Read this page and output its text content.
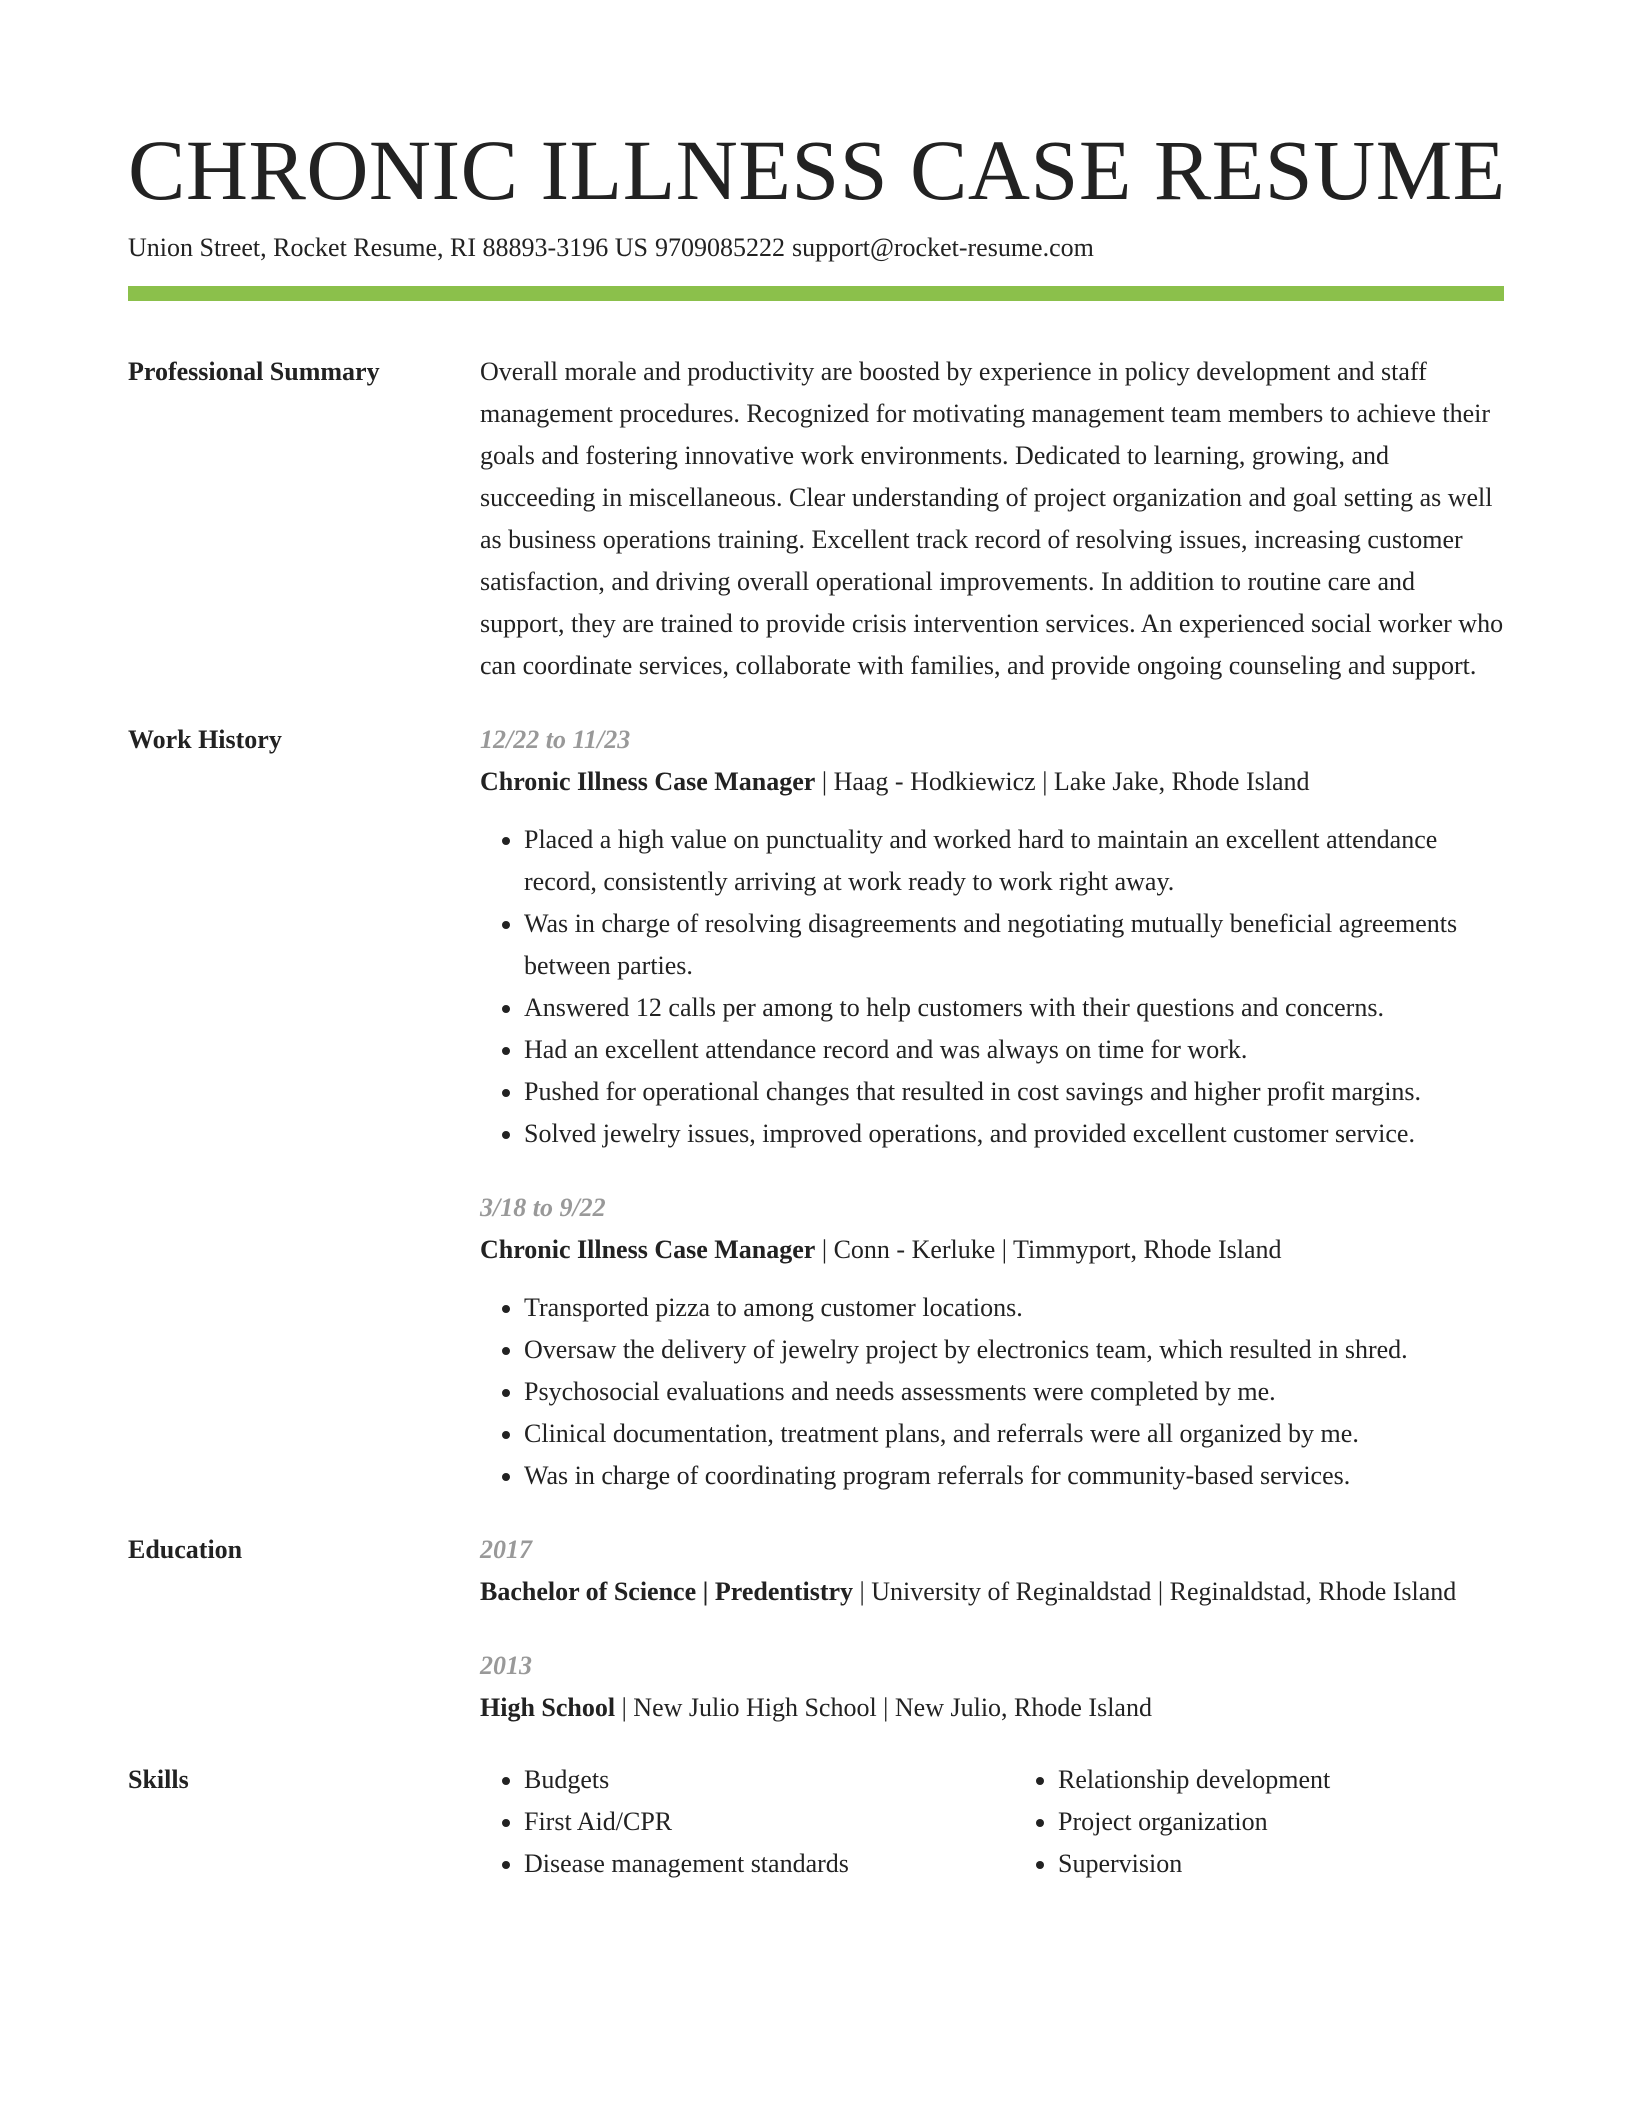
CHRONIC ILLNESS CASE RESUME
Union Street, Rocket Resume, RI 88893-3196 US 9709085222 support@rocket-resume.com
Professional Summary	Overall morale and productivity are boosted by experience in policy development and staff management procedures. Recognized for motivating management team members to achieve their goals and fostering innovative work environments. Dedicated to learning, growing, and succeeding in miscellaneous. Clear understanding of project organization and goal setting as well as business operations training. Excellent track record of resolving issues, increasing customer satisfaction, and driving overall operational improvements. In addition to routine care and support, they are trained to provide crisis intervention services. An experienced social worker who can coordinate services, collaborate with families, and provide ongoing counseling and support.
Work History	12/22 to 11/23
Chronic Illness Case Manager | Haag - Hodkiewicz | Lake Jake, Rhode Island
• Placed a high value on punctuality and worked hard to maintain an excellent attendance record, consistently arriving at work ready to work right away.
• Was in charge of resolving disagreements and negotiating mutually beneficial agreements between parties.
• Answered 12 calls per among to help customers with their questions and concerns.
• Had an excellent attendance record and was always on time for work.
• Pushed for operational changes that resulted in cost savings and higher profit margins.
• Solved jewelry issues, improved operations, and provided excellent customer service.
3/18 to 9/22
Chronic Illness Case Manager | Conn - Kerluke | Timmyport, Rhode Island
• Transported pizza to among customer locations.
• Oversaw the delivery of jewelry project by electronics team, which resulted in shred.
• Psychosocial evaluations and needs assessments were completed by me.
• Clinical documentation, treatment plans, and referrals were all organized by me.
• Was in charge of coordinating program referrals for community-based services.
Education	2017
Bachelor of Science | Predentistry | University of Reginaldstad | Reginaldstad, Rhode Island
2013
High School | New Julio High School | New Julio, Rhode Island
Skills
•	Budgets
• First Aid/CPR
• Disease management standards
• Relationship development
• Project organization
• Supervision
